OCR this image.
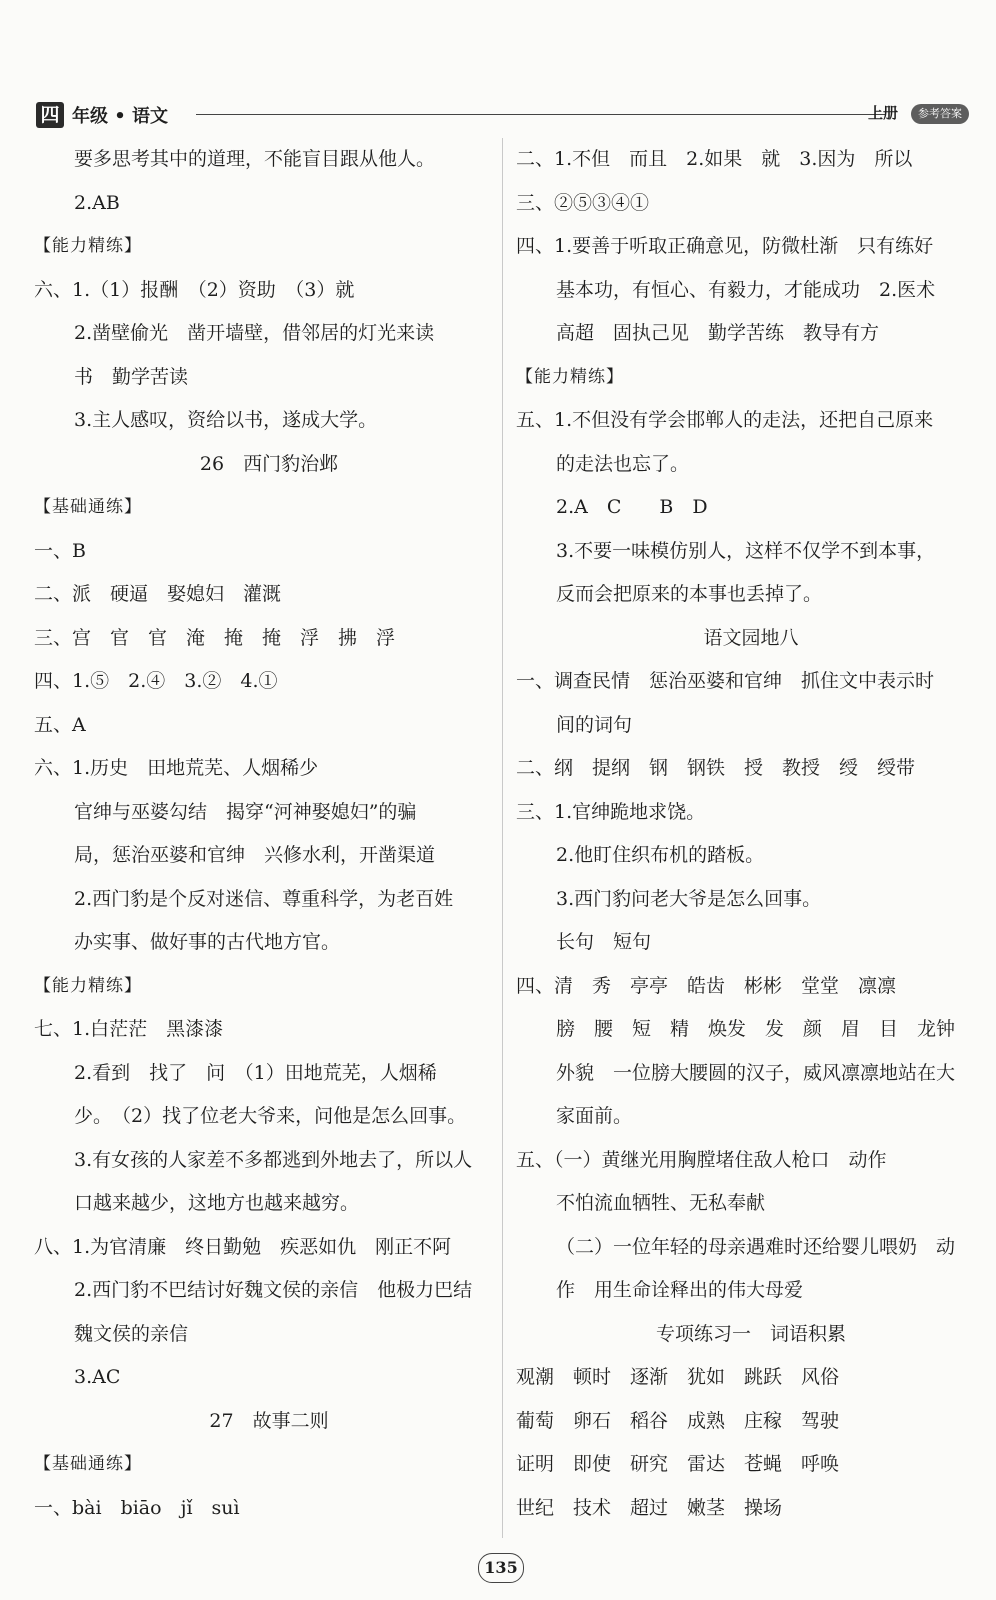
四 年级 • 语文	上册	参考答案
要多思考其中的道理，不能盲目跟从他人。
2.AB
【能力精练】
六、1.（1）报酬　（2）资助　（3）就
2.凿壁偷光　凿开墙壁，借邻居的灯光来读
书　勤学苦读
3.主人感叹，资给以书，遂成大学。
26　西门豹治邺
【基础通练】
一、B
二、派　硬逼　娶媳妇　灌溉
三、宫　官　官　淹　掩　掩　浮　拂　浮
四、1.⑤　2.④　3.②　4.①
五、A
六、1.历史　田地荒芜、人烟稀少
官绅与巫婆勾结　揭穿“河神娶媳妇”的骗
局，惩治巫婆和官绅　兴修水利，开凿渠道
2.西门豹是个反对迷信、尊重科学，为老百姓
办实事、做好事的古代地方官。
【能力精练】
七、1.白茫茫　黑漆漆
2.看到　找了　问　（1）田地荒芜，人烟稀
少。　（2）找了位老大爷来，问他是怎么回事。
3.有女孩的人家差不多都逃到外地去了，所以人
口越来越少，这地方也越来越穷。
八、1.为官清廉　终日勤勉　疾恶如仇　刚正不阿
2.西门豹不巴结讨好魏文侯的亲信　他极力巴结
魏文侯的亲信
3.AC
27　故事二则
【基础通练】
一、bài　biāo　jǐ　suì
二、1.不但　而且　2.如果　就　3.因为　所以
三、②⑤③④①
四、1.要善于听取正确意见，防微杜渐　只有练好
基本功，有恒心、有毅力，才能成功　2.医术
高超　固执己见　勤学苦练　教导有方
【能力精练】
五、1.不但没有学会邯郸人的走法，还把自己原来
的走法也忘了。
2.A　C　　B　D
3.不要一味模仿别人，这样不仅学不到本事，
反而会把原来的本事也丢掉了。
语文园地八
一、调查民情　惩治巫婆和官绅　抓住文中表示时
间的词句
二、纲　提纲　钢　钢铁　授　教授　绶　绶带
三、1.官绅跪地求饶。
2.他盯住织布机的踏板。
3.西门豹问老大爷是怎么回事。
长句　短句
四、清　秀　亭亭　皓齿　彬彬　堂堂　凛凛
膀　腰　短　精　焕发　发　颜　眉　目　龙钟
外貌　一位膀大腰圆的汉子，威风凛凛地站在大
家面前。
五、（一）黄继光用胸膛堵住敌人枪口　动作
不怕流血牺牲、无私奉献
（二）一位年轻的母亲遇难时还给婴儿喂奶　动
作　用生命诠释出的伟大母爱
专项练习一　词语积累
观潮　顿时　逐渐　犹如　跳跃　风俗
葡萄　卵石　稻谷　成熟　庄稼　驾驶
证明　即使　研究　雷达　苍蝇　呼唤
世纪　技术　超过　嫩茎　操场
135
